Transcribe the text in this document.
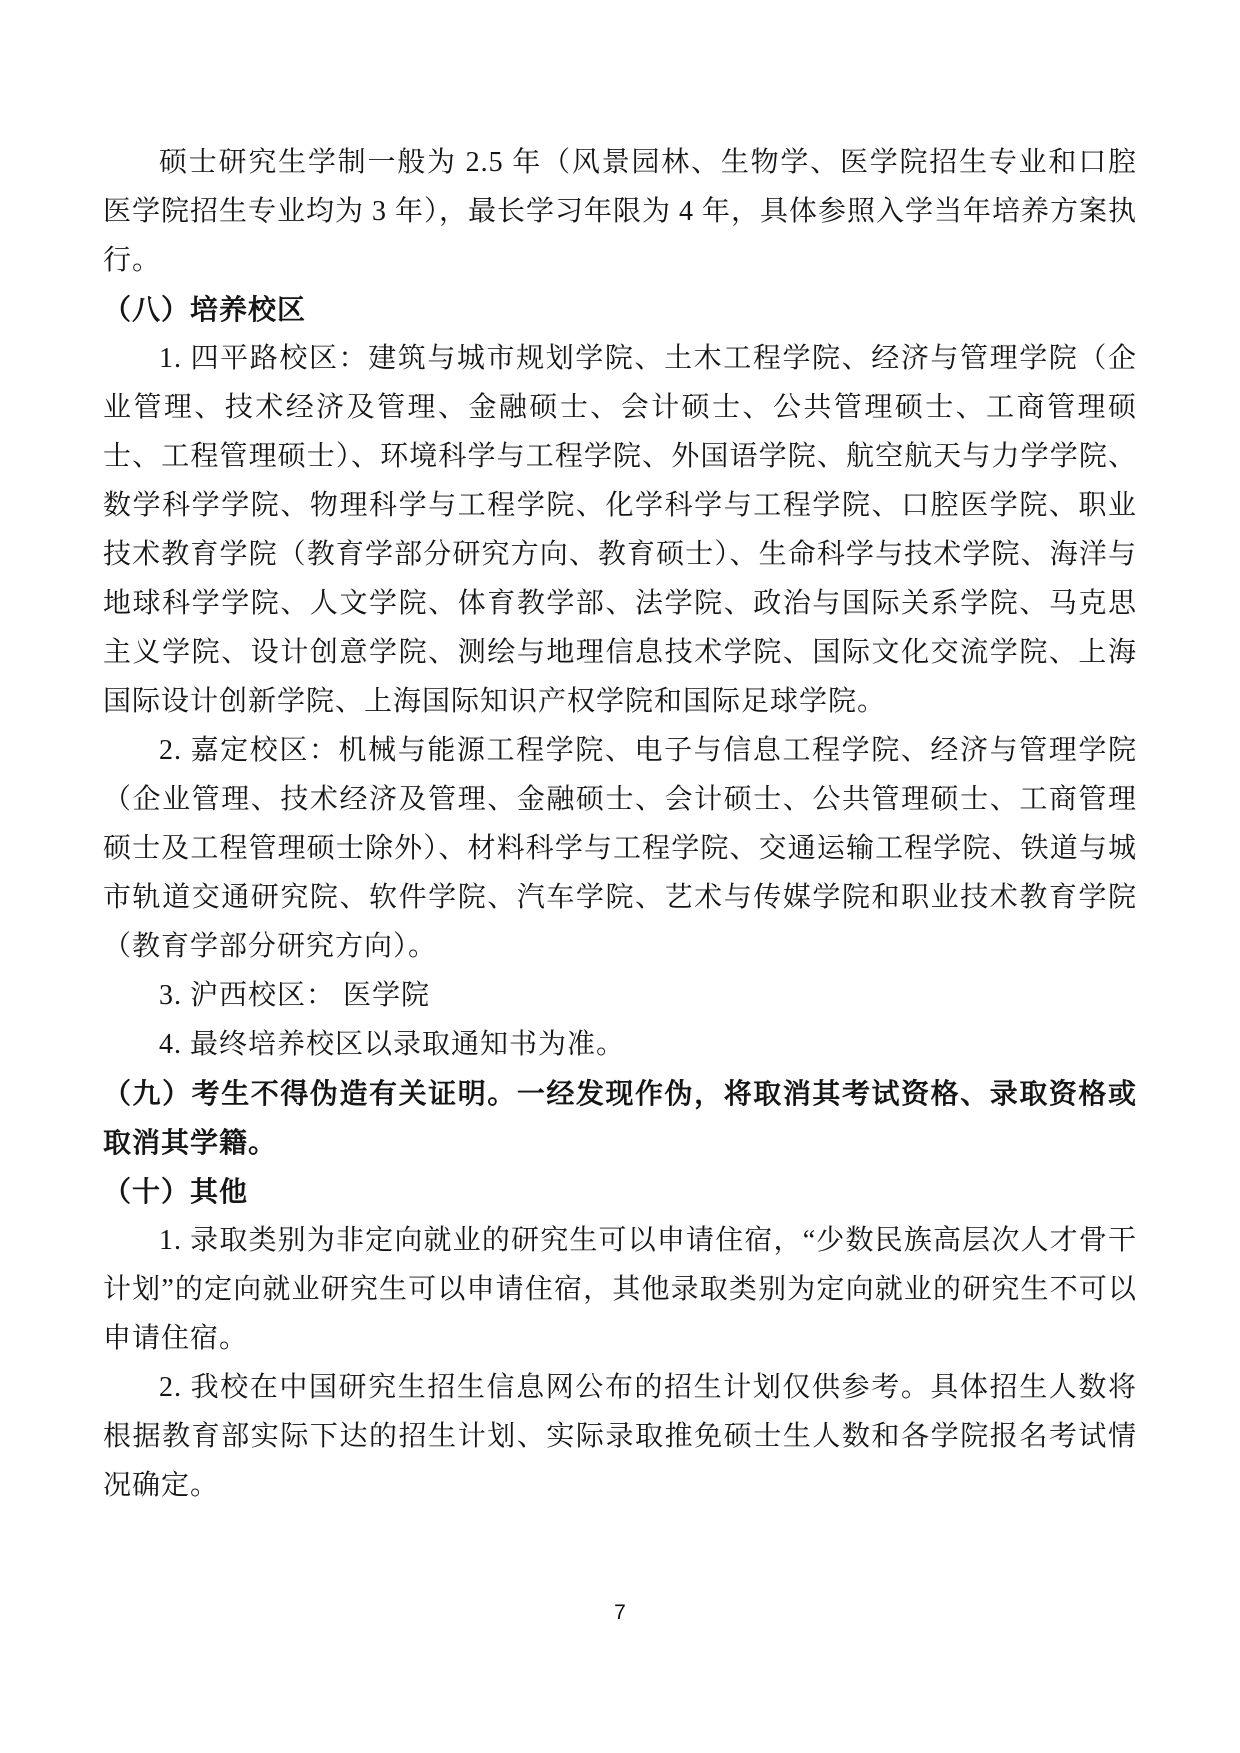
硕士研究生学制一般为 2.5 年（风景园林、生物学、医学院招生专业和口腔医学院招生专业均为 3 年），最长学习年限为 4 年，具体参照入学当年培养方案执行。

（八）培养校区

1. 四平路校区：建筑与城市规划学院、土木工程学院、经济与管理学院（企业管理、技术经济及管理、金融硕士、会计硕士、公共管理硕士、工商管理硕士、工程管理硕士）、环境科学与工程学院、外国语学院、航空航天与力学学院、数学科学学院、物理科学与工程学院、化学科学与工程学院、口腔医学院、职业技术教育学院（教育学部分研究方向、教育硕士）、生命科学与技术学院、海洋与地球科学学院、人文学院、体育教学部、法学院、政治与国际关系学院、马克思主义学院、设计创意学院、测绘与地理信息技术学院、国际文化交流学院、上海国际设计创新学院、上海国际知识产权学院和国际足球学院。

2. 嘉定校区：机械与能源工程学院、电子与信息工程学院、经济与管理学院（企业管理、技术经济及管理、金融硕士、会计硕士、公共管理硕士、工商管理硕士及工程管理硕士除外）、材料科学与工程学院、交通运输工程学院、铁道与城市轨道交通研究院、软件学院、汽车学院、艺术与传媒学院和职业技术教育学院（教育学部分研究方向）。

3. 沪西校区： 医学院

4. 最终培养校区以录取通知书为准。

（九）考生不得伪造有关证明。一经发现作伪，将取消其考试资格、录取资格或取消其学籍。

（十）其他

1. 录取类别为非定向就业的研究生可以申请住宿，“少数民族高层次人才骨干计划”的定向就业研究生可以申请住宿，其他录取类别为定向就业的研究生不可以申请住宿。

2. 我校在中国研究生招生信息网公布的招生计划仅供参考。具体招生人数将根据教育部实际下达的招生计划、实际录取推免硕士生人数和各学院报名考试情况确定。

7
